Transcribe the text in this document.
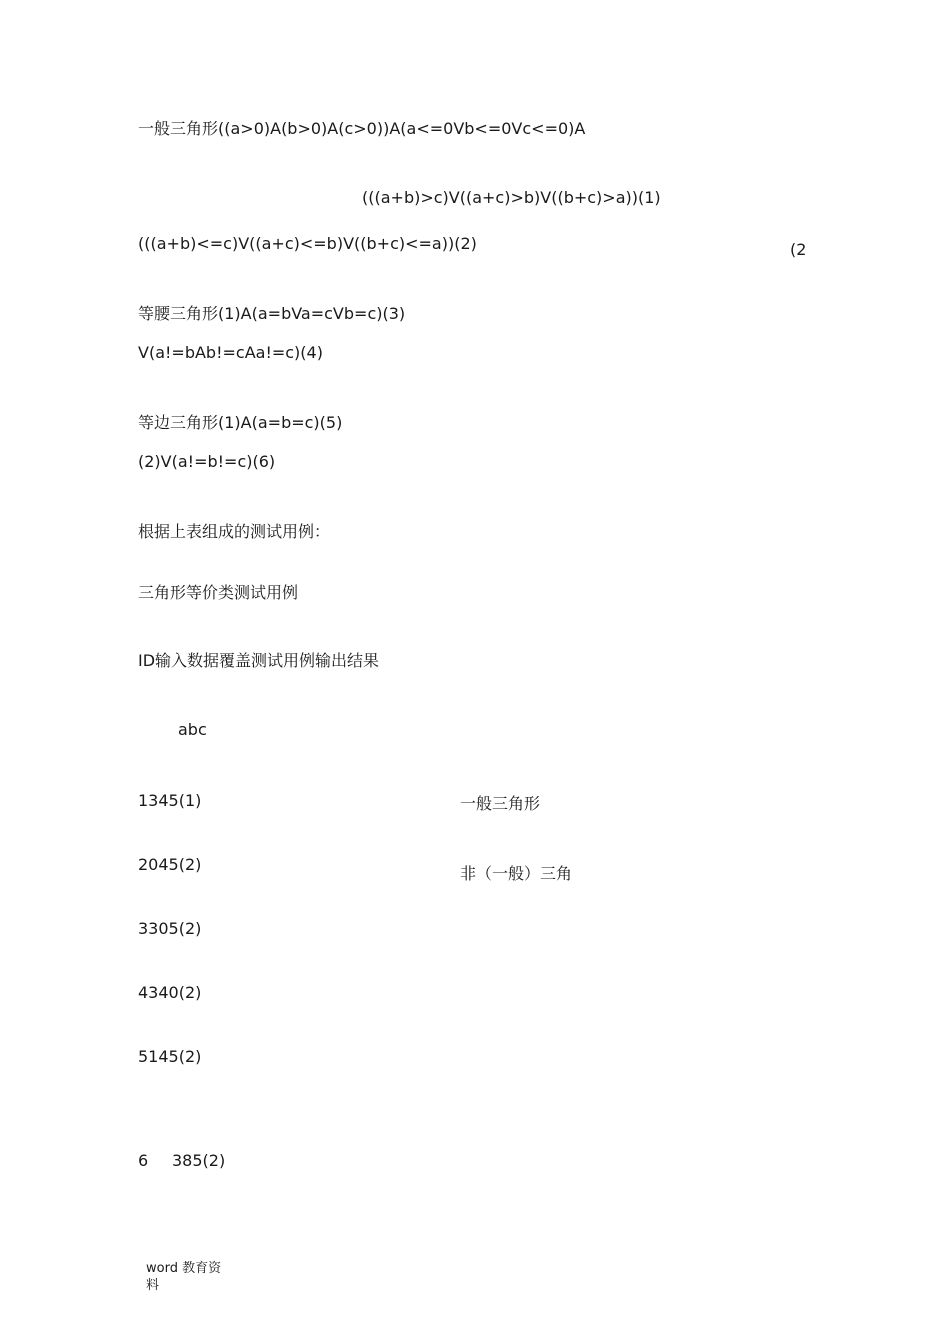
一般三角形((a>0)A(b>0)A(c>0))A(a<=0Vb<=0Vc<=0)A
(((a+b)>c)V((a+c)>b)V((b+c)>a))(1)
(((a+b)<=c)V((a+c)<=b)V((b+c)<=a))(2)	(2
等腰三角形(1)A(a=bVa=cVb=c)(3)
V(a!=bAb!=cAa!=c)(4)
等边三角形(1)A(a=b=c)(5)
(2)V(a!=b!=c)(6)
根据上表组成的测试用例：
三角形等价类测试用例
ID输入数据覆盖测试用例输出结果
abc
1345(1)	一般三角形
2045(2)	非（一般）三角
3305(2)
4340(2)
5145(2)
6 385(2)
word 教育资
料
